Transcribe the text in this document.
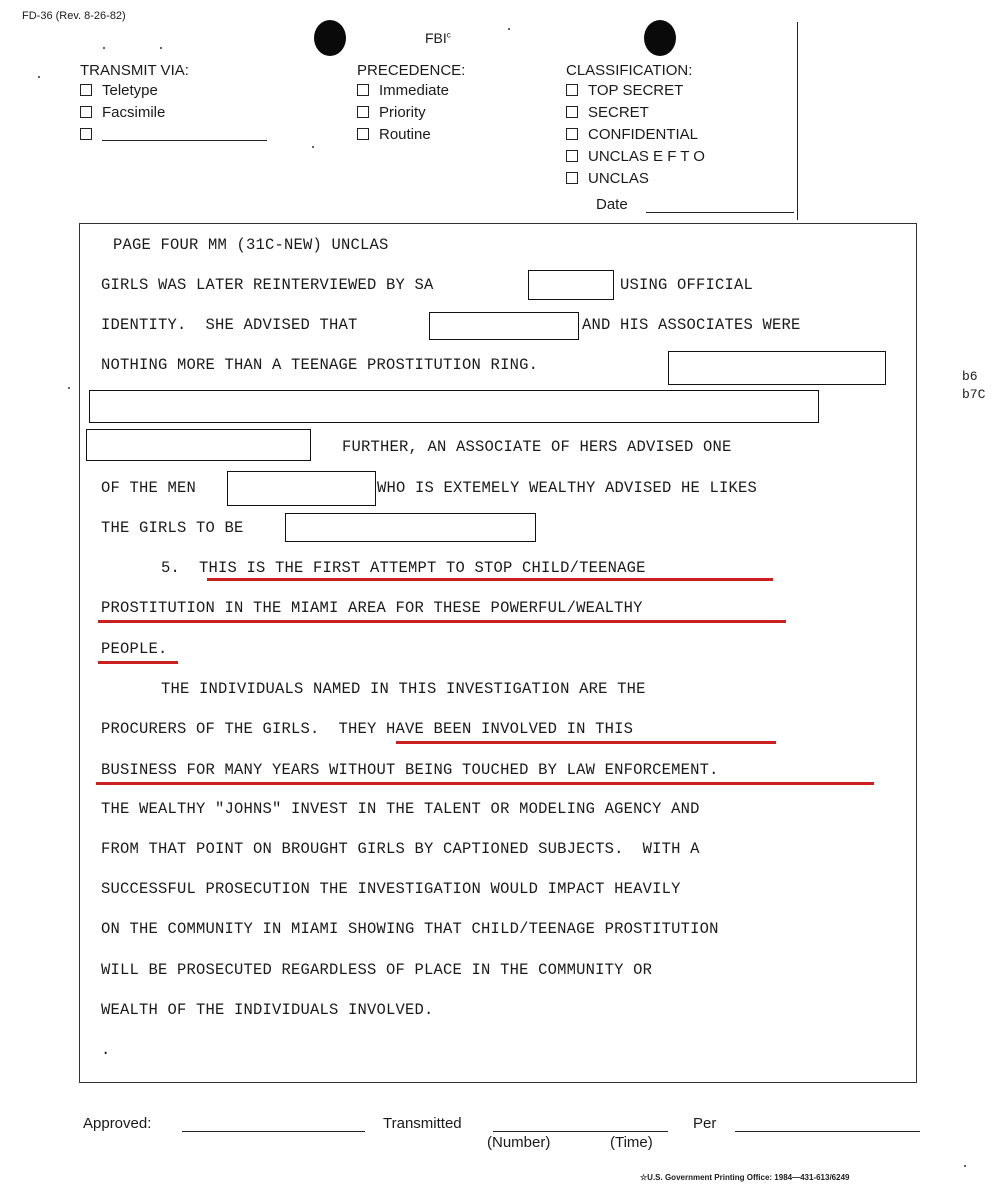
FD-36 (Rev. 8-26-82)
FBI$^c$
TRANSMIT VIA:
Teletype
Facsimile
PRECEDENCE:
Immediate
Priority
Routine
CLASSIFICATION:
TOP SECRET
SECRET
CONFIDENTIAL
UNCLAS E F T O
UNCLAS
Date
PAGE FOUR MM (31C-NEW) UNCLAS
GIRLS WAS LATER REINTERVIEWED BY SA	USING OFFICIAL
IDENTITY.  SHE ADVISED THAT	AND HIS ASSOCIATES WERE
NOTHING MORE THAN A TEENAGE PROSTITUTION RING.
FURTHER, AN ASSOCIATE OF HERS ADVISED ONE
OF THE MEN	WHO IS EXTEMELY WEALTHY ADVISED HE LIKES
THE GIRLS TO BE
5.  THIS IS THE FIRST ATTEMPT TO STOP CHILD/TEENAGE
PROSTITUTION IN THE MIAMI AREA FOR THESE POWERFUL/WEALTHY
PEOPLE.
THE INDIVIDUALS NAMED IN THIS INVESTIGATION ARE THE
PROCURERS OF THE GIRLS.  THEY HAVE BEEN INVOLVED IN THIS
BUSINESS FOR MANY YEARS WITHOUT BEING TOUCHED BY LAW ENFORCEMENT.
THE WEALTHY "JOHNS" INVEST IN THE TALENT OR MODELING AGENCY AND
FROM THAT POINT ON BROUGHT GIRLS BY CAPTIONED SUBJECTS.  WITH A
SUCCESSFUL PROSECUTION THE INVESTIGATION WOULD IMPACT HEAVILY
ON THE COMMUNITY IN MIAMI SHOWING THAT CHILD/TEENAGE PROSTITUTION
WILL BE PROSECUTED REGARDLESS OF PLACE IN THE COMMUNITY OR
WEALTH OF THE INDIVIDUALS INVOLVED.
.
b6
b7C
Approved:	Transmitted
(Number)	(Time)
Per
☆U.S. Government Printing Office: 1984—431-613/6249
